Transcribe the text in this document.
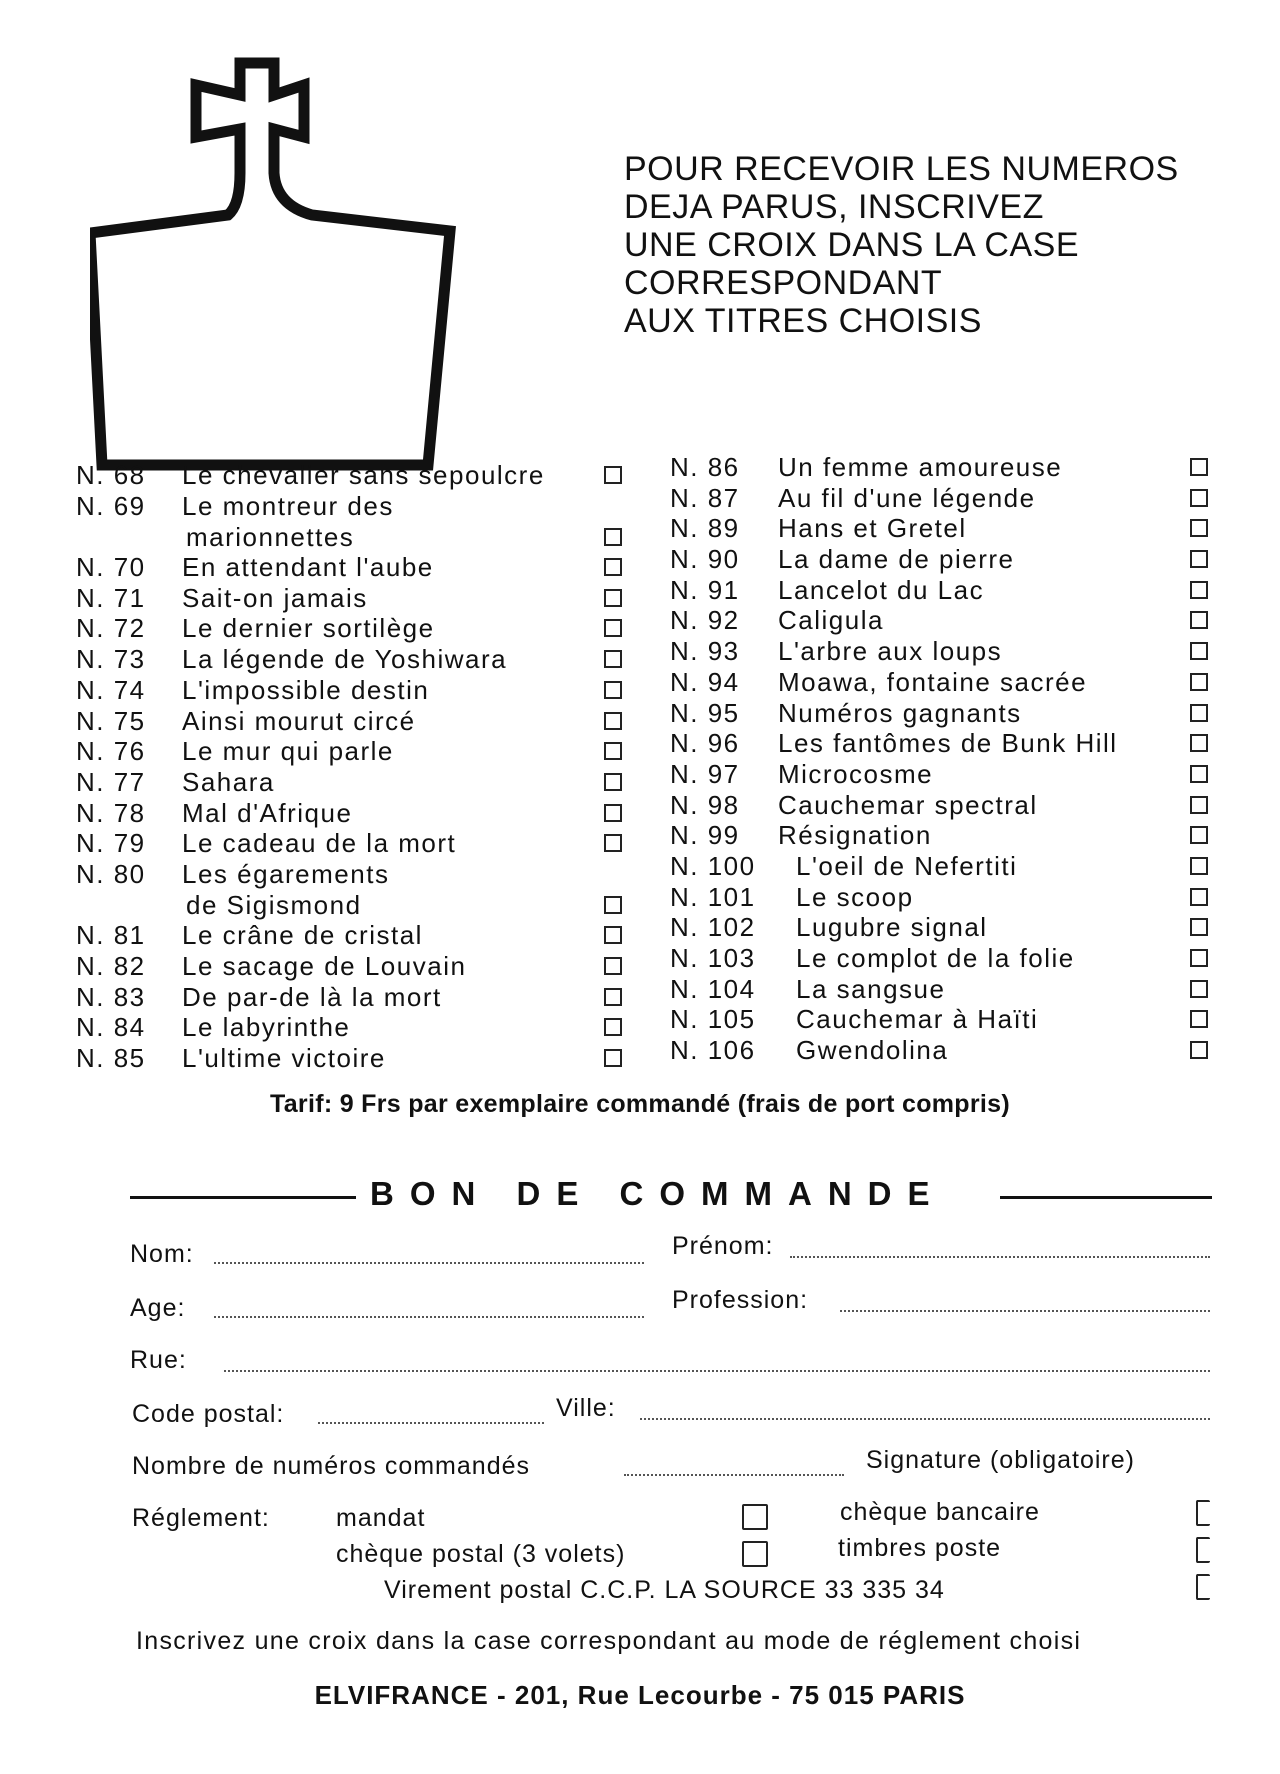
POUR RECEVOIR LES NUMEROS
DEJA PARUS, INSCRIVEZ
UNE CROIX DANS LA CASE
CORRESPONDANT
AUX TITRES CHOISIS
N. 68 Le chevalier sans sepoulcre
N. 69 Le montreur des
marionnettes
N. 70 En attendant l'aube
N. 71 Sait-on jamais
N. 72 Le dernier sortilège
N. 73 La légende de Yoshiwara
N. 74 L'impossible destin
N. 75 Ainsi mourut circé
N. 76 Le mur qui parle
N. 77 Sahara
N. 78 Mal d'Afrique
N. 79 Le cadeau de la mort
N. 80 Les égarements
de Sigismond
N. 81 Le crâne de cristal
N. 82 Le sacage de Louvain
N. 83 De par-de là la mort
N. 84 Le labyrinthe
N. 85 L'ultime victoire
N. 86 Un femme amoureuse
N. 87 Au fil d'une légende
N. 89 Hans et Gretel
N. 90 La dame de pierre
N. 91 Lancelot du Lac
N. 92 Caligula
N. 93 L'arbre aux loups
N. 94 Moawa, fontaine sacrée
N. 95 Numéros gagnants
N. 96 Les fantômes de Bunk Hill
N. 97 Microcosme
N. 98 Cauchemar spectral
N. 99 Résignation
N. 100 L'oeil de Nefertiti
N. 101 Le scoop
N. 102 Lugubre signal
N. 103 Le complot de la folie
N. 104 La sangsue
N. 105 Cauchemar à Haïti
N. 106 Gwendolina
Tarif: 9 Frs par exemplaire commandé (frais de port compris)
BON DE COMMANDE
Nom:	Prénom:
Age:	Profession:
Rue:
Code postal:	Ville:
Nombre de numéros commandés	Signature (obligatoire)
Réglement:	mandat	chèque bancaire
chèque postal (3 volets)	timbres poste
Virement postal C.C.P. LA SOURCE 33 335 34
Inscrivez une croix dans la case correspondant au mode de réglement choisi
ELVIFRANCE - 201, Rue Lecourbe - 75 015 PARIS
